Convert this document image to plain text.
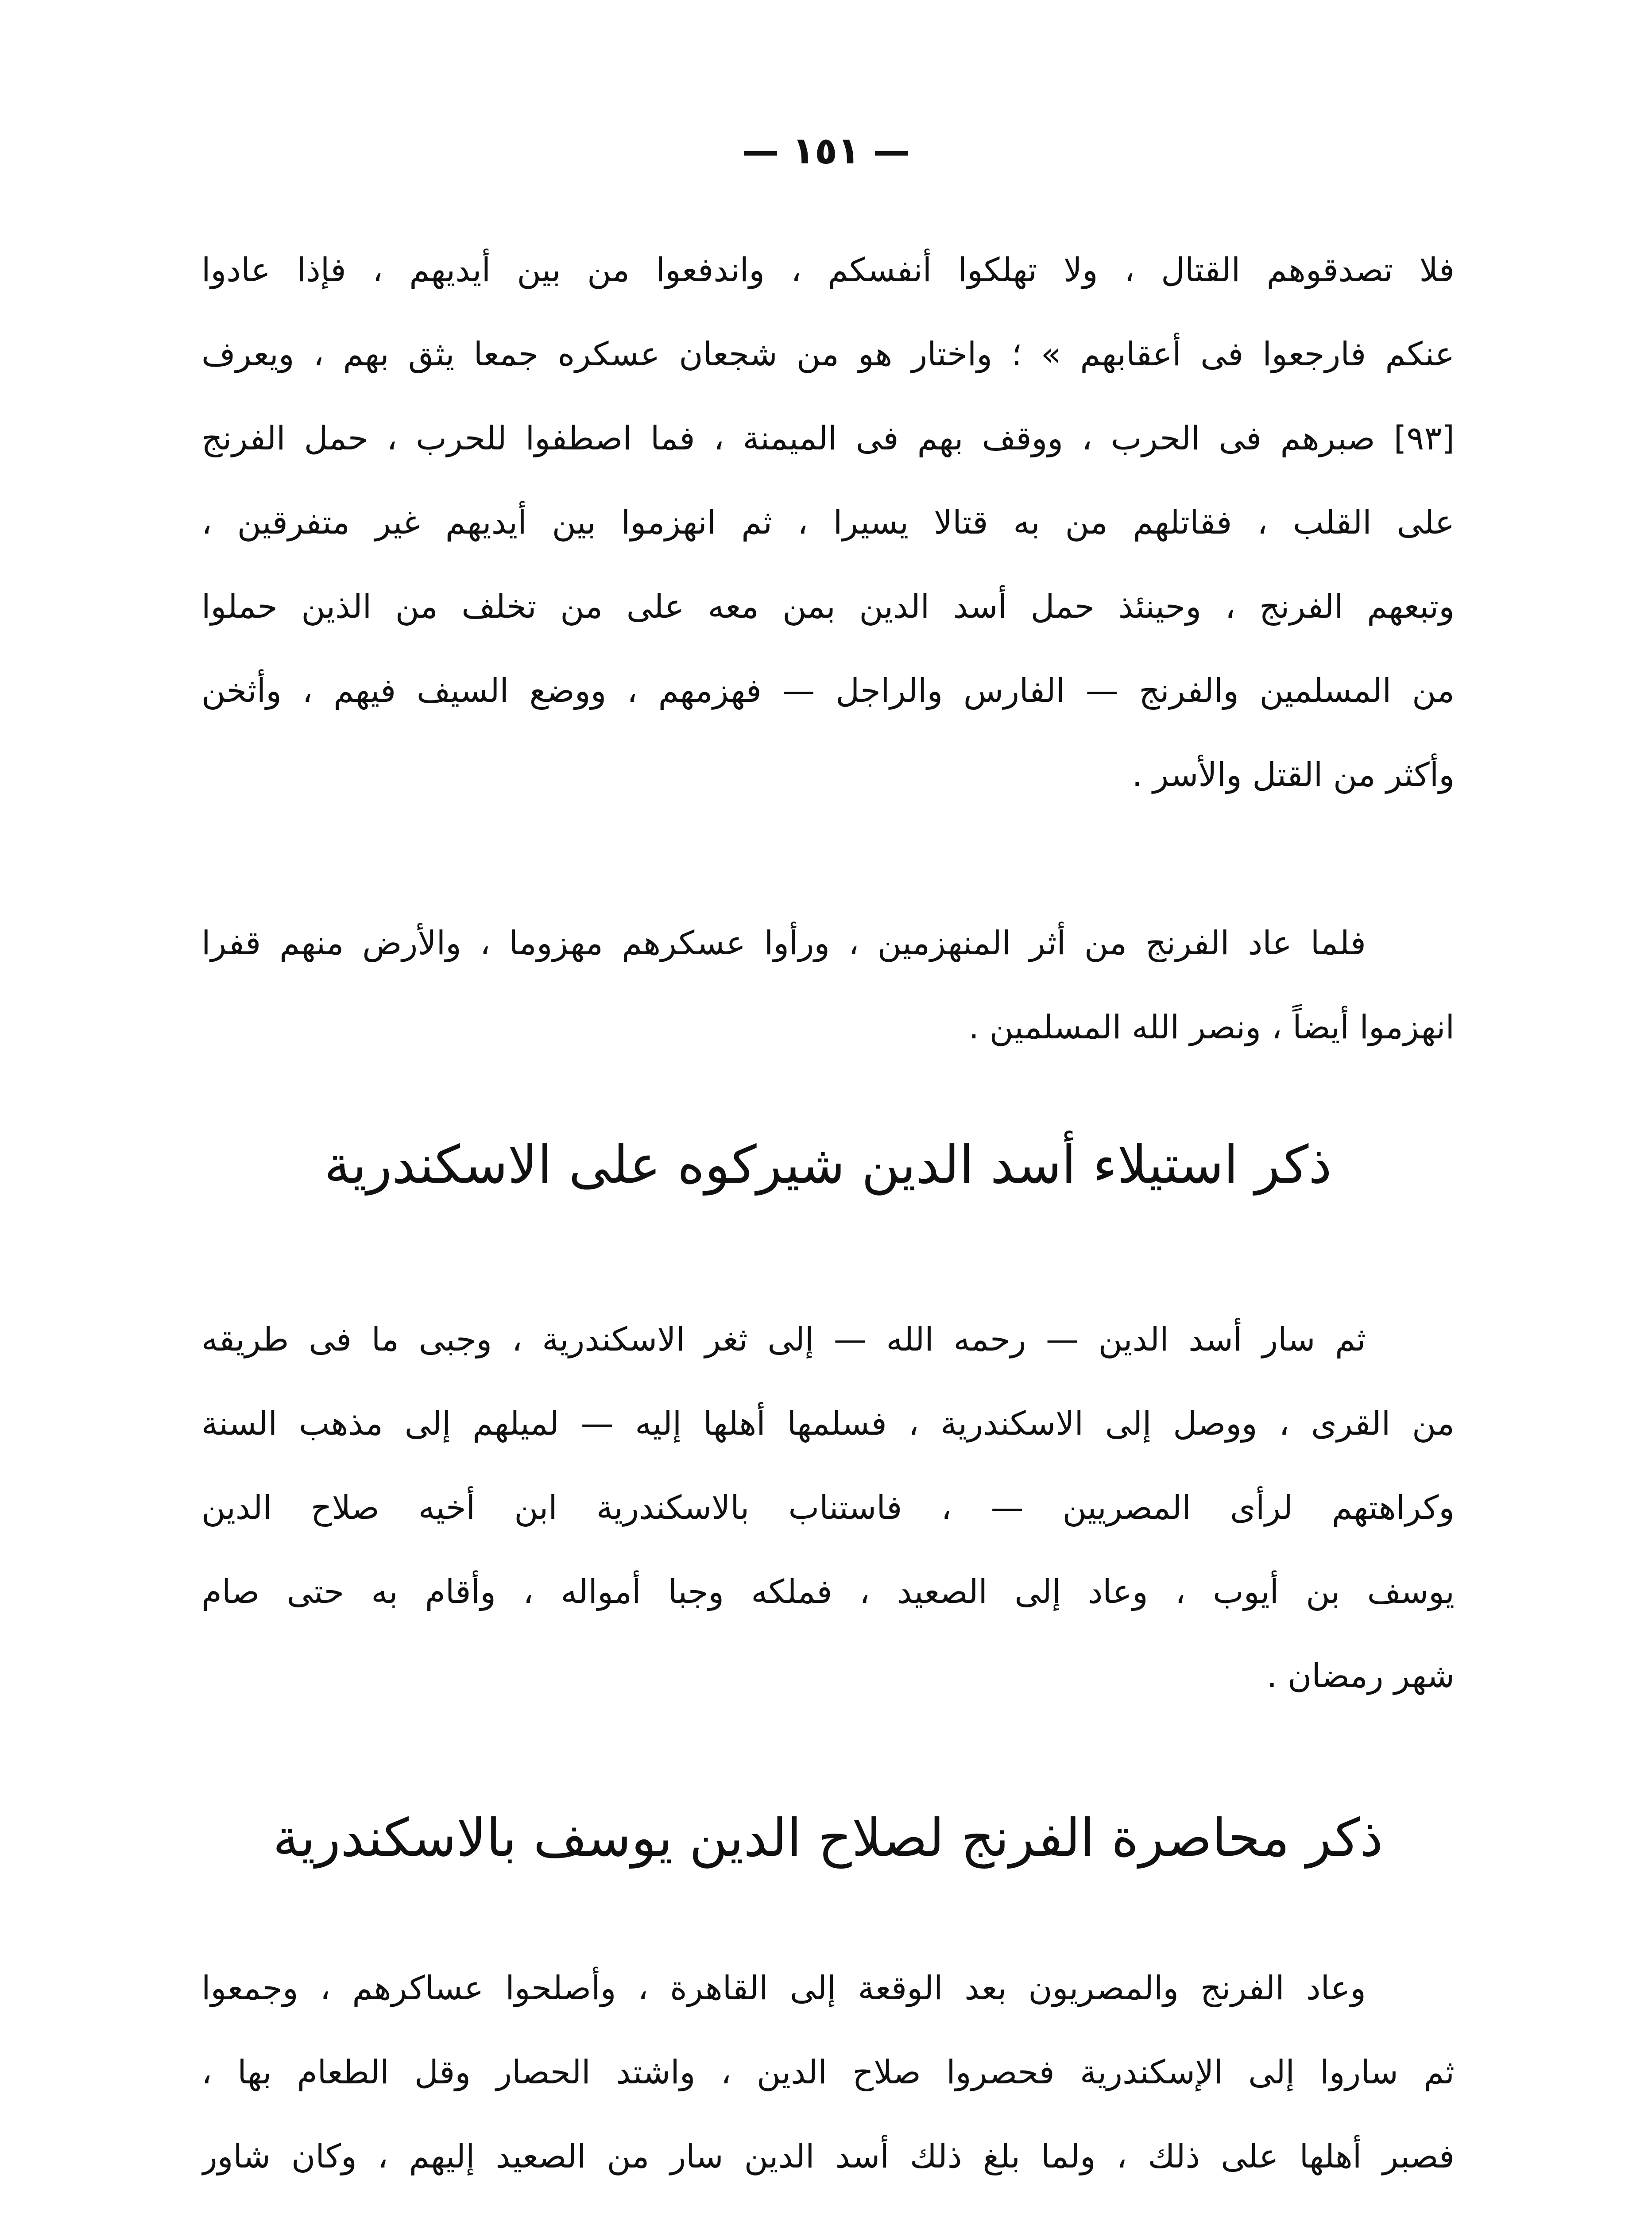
— ١٥١ —
فلا تصدقوهم القتال ، ولا تهلكوا أنفسكم ، واندفعوا من بين أيديهم ، فإذا عادوا
عنكم فارجعوا فى أعقابهم » ؛ واختار هو من شجعان عسكره جمعا يثق بهم ، ويعرف
[٩٣] صبرهم فى الحرب ، ووقف بهم فى الميمنة ، فما اصطفوا للحرب ، حمل الفرنج
على القلب ، فقاتلهم من به قتالا يسيرا ، ثم انهزموا بين أيديهم غير متفرقين ،
وتبعهم الفرنج ، وحينئذ حمل أسد الدين بمن معه على من تخلف من الذين حملوا
من المسلمين والفرنج — الفارس والراجل — فهزمهم ، ووضع السيف فيهم ، وأثخن
وأكثر من القتل والأسر .
فلما عاد الفرنج من أثر المنهزمين ، ورأوا عسكرهم مهزوما ، والأرض منهم قفرا
انهزموا أيضاً ، ونصر الله المسلمين .
ذكر استيلاء أسد الدين شيركوه على الاسكندرية
ثم سار أسد الدين — رحمه الله — إلى ثغر الاسكندرية ، وجبى ما فى طريقه
من القرى ، ووصل إلى الاسكندرية ، فسلمها أهلها إليه — لميلهم إلى مذهب السنة
وكراهتهم لرأى المصريين — ، فاستناب بالاسكندرية ابن أخيه صلاح الدين
يوسف بن أيوب ، وعاد إلى الصعيد ، فملكه وجبا أمواله ، وأقام به حتى صام
شهر رمضان .
ذكر محاصرة الفرنج لصلاح الدين يوسف بالاسكندرية
وعاد الفرنج والمصريون بعد الوقعة إلى القاهرة ، وأصلحوا عساكرهم ، وجمعوا
ثم ساروا إلى الإسكندرية فحصروا صلاح الدين ، واشتد الحصار وقل الطعام بها ،
فصبر أهلها على ذلك ، ولما بلغ ذلك أسد الدين سار من الصعيد إليهم ، وكان شاور
